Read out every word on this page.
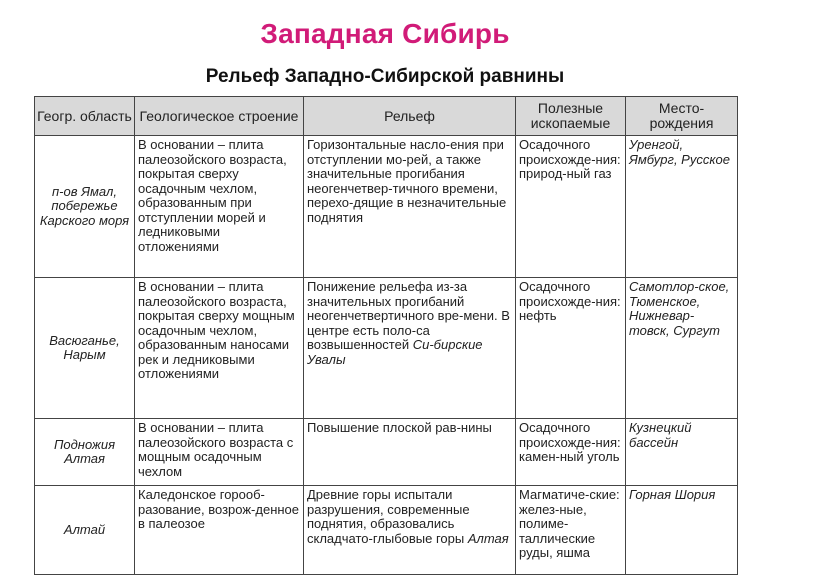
Западная Сибирь
Рельеф Западно-Сибирской равнины
Геогр. область	Геологическое строение	Рельеф	Полезные ископаемые	Место-рождения
п-ов Ямал, побережье Карского моря	В основании – плита палеозойского возраста, покрытая сверху осадочным чехлом, образованным при отступлении морей и ледниковыми отложениями	Горизонтальные насло-ения при отступлении мо-рей, а также значительные прогибания неогенчетвер-тичного времени, перехо-дящие в незначительные поднятия	Осадочного происхожде-ния: природ-ный газ	Уренгой, Ямбург, Русское
Васюганье, Нарым	В основании – плита палеозойского возраста, покрытая сверху мощным осадочным чехлом, образованным наносами рек и ледниковыми отложениями	Понижение рельефа из-за значительных прогибаний неогенчетвертичного вре-мени. В центре есть поло-са возвышенностей Си-бирские Увалы	Осадочного происхожде-ния: нефть	Самотлор-ское, Тюменское, Нижневар-товск, Сургут
Подножия Алтая	В основании – плита палеозойского возраста с мощным осадочным чехлом	Повышение плоской рав-нины	Осадочного происхожде-ния: камен-ный уголь	Кузнецкий бассейн
Алтай	Каледонское горооб-разование, возрож-денное в палеозое	Древние горы испытали разрушения, современные поднятия, образовались складчато-глыбовые горы Алтая	Магматиче-ские: желез-ные, полиме-таллические руды, яшма	Горная Шория
